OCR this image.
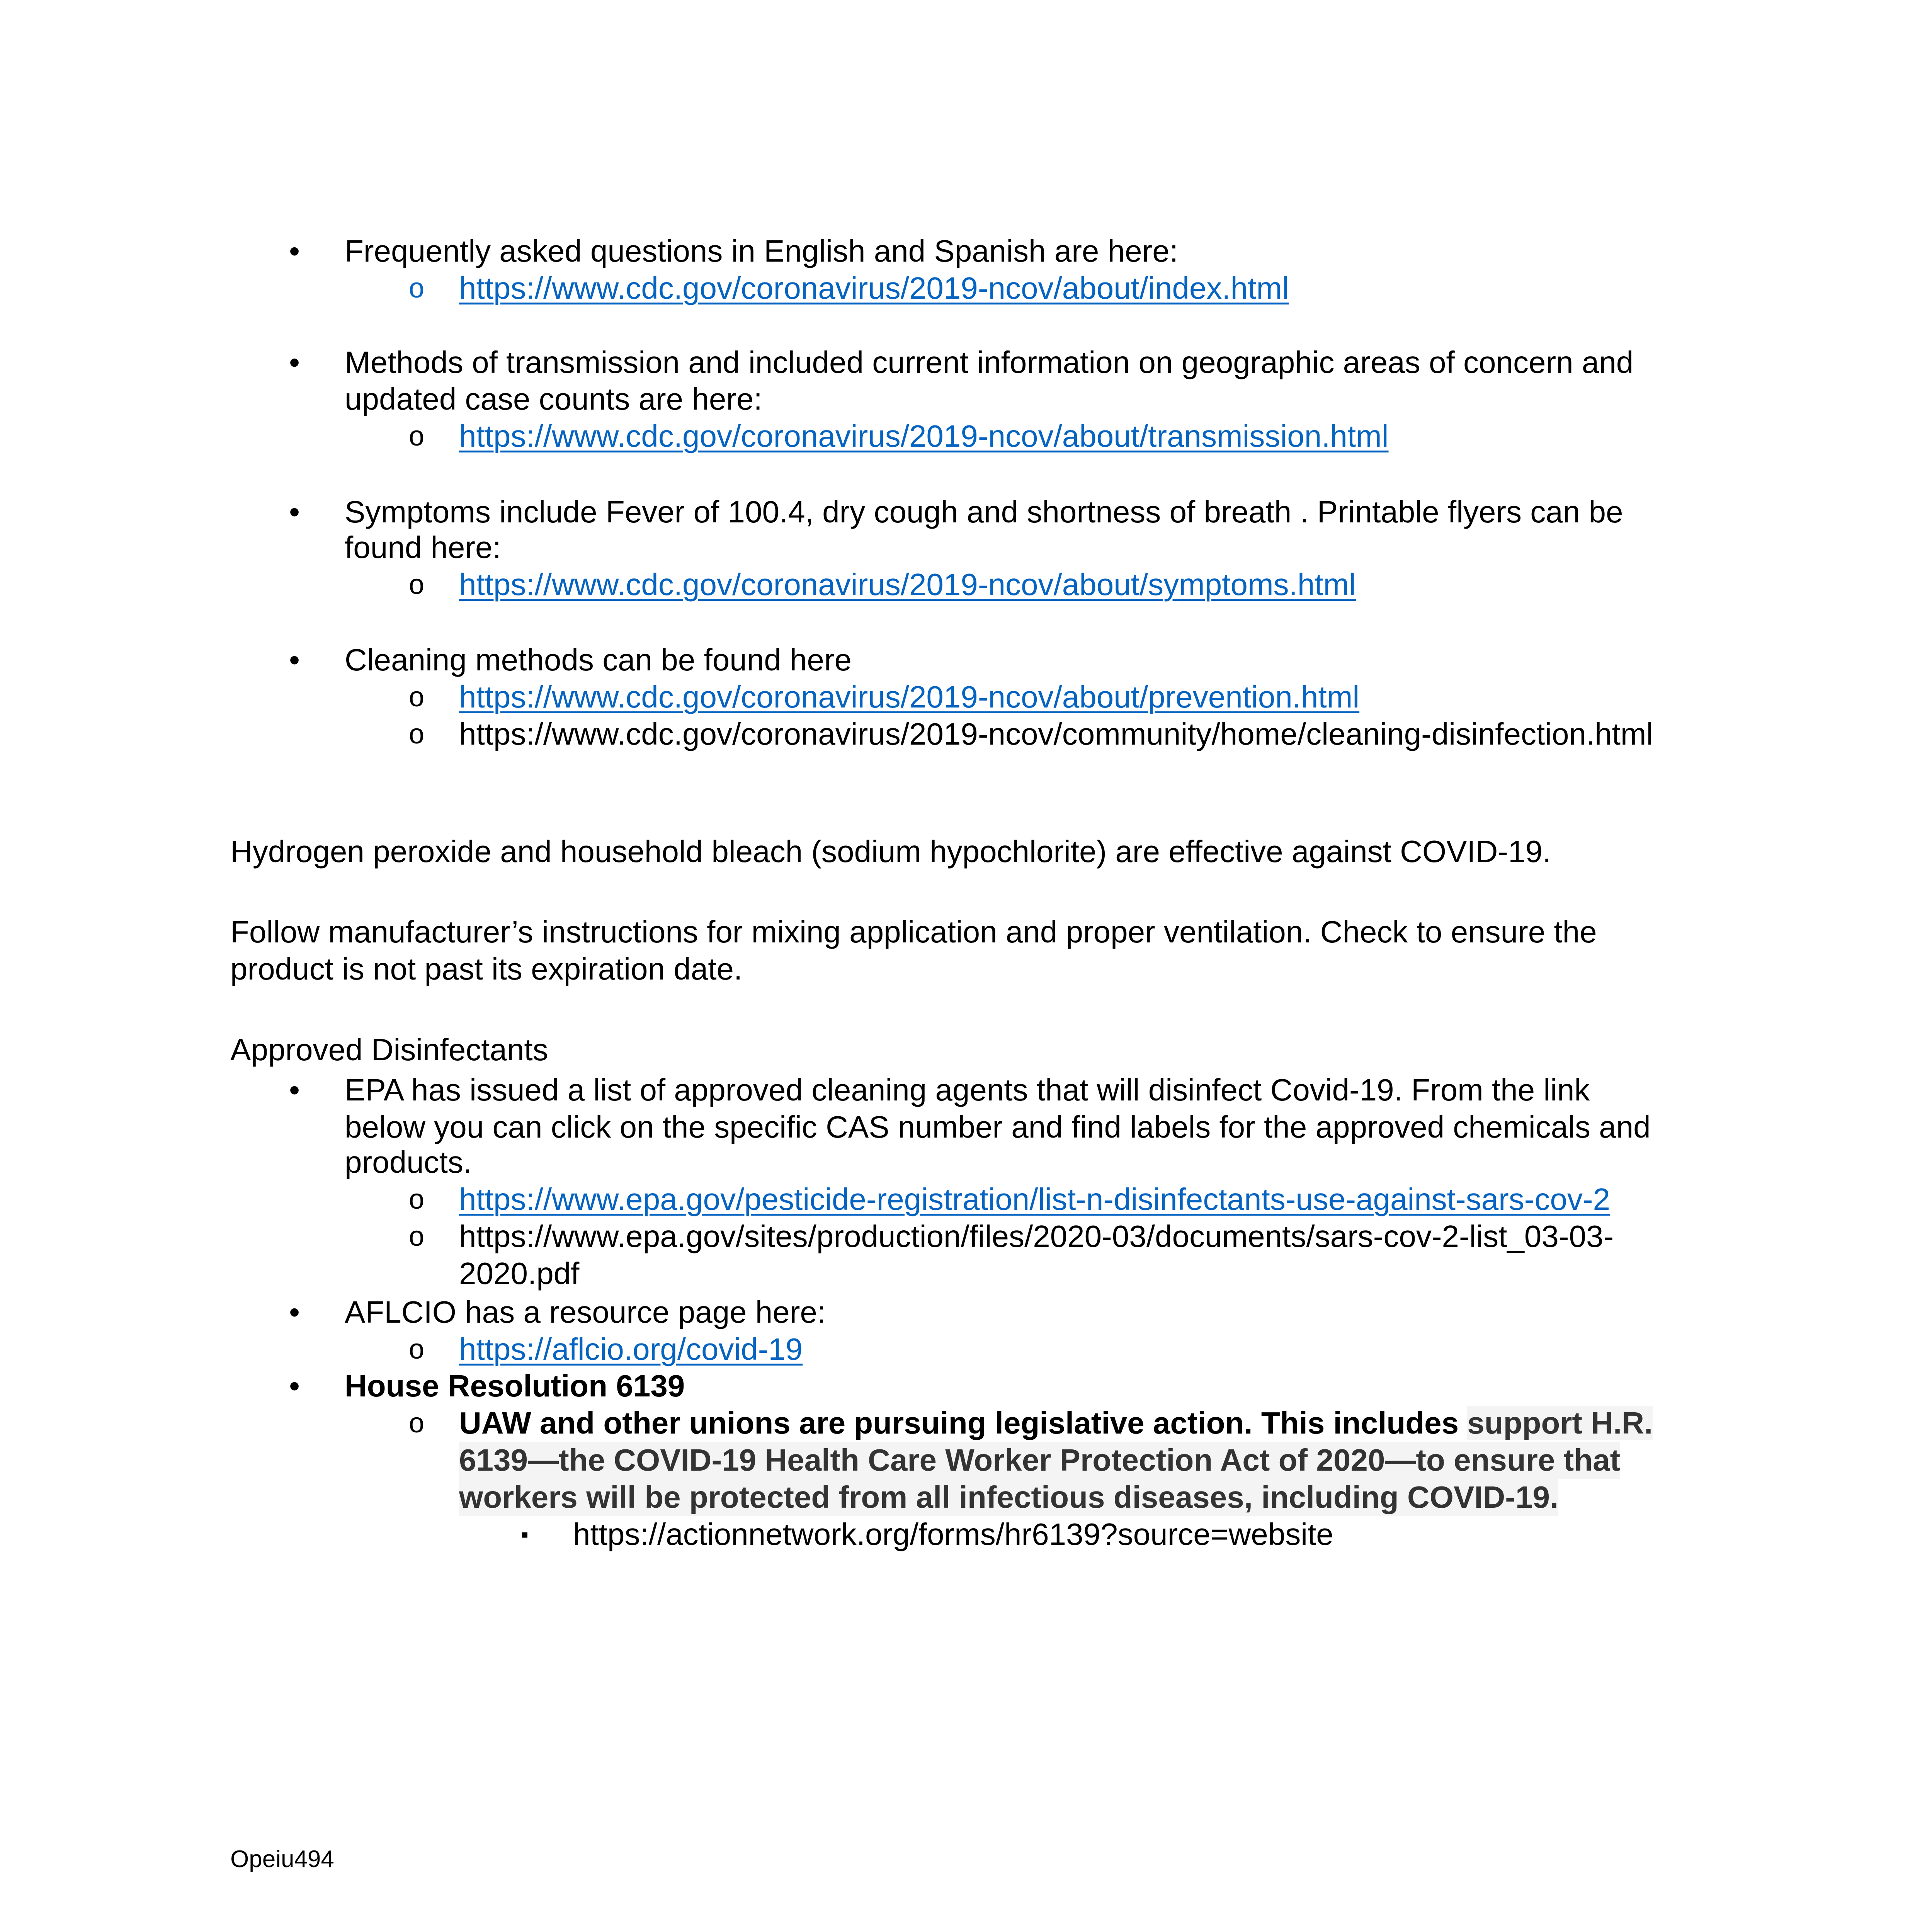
• Frequently asked questions in English and Spanish are here:
o https://www.cdc.gov/coronavirus/2019-ncov/about/index.html
• Methods of transmission and included current information on geographic areas of concern and
updated case counts are here:
o https://www.cdc.gov/coronavirus/2019-ncov/about/transmission.html
• Symptoms include Fever of 100.4, dry cough and shortness of breath . Printable flyers can be
found here:
o https://www.cdc.gov/coronavirus/2019-ncov/about/symptoms.html
• Cleaning methods can be found here
o https://www.cdc.gov/coronavirus/2019-ncov/about/prevention.html
o https://www.cdc.gov/coronavirus/2019-ncov/community/home/cleaning-disinfection.html
Hydrogen peroxide and household bleach (sodium hypochlorite) are effective against COVID-19.
Follow manufacturer’s instructions for mixing application and proper ventilation. Check to ensure the
product is not past its expiration date.
Approved Disinfectants
• EPA has issued a list of approved cleaning agents that will disinfect Covid-19. From the link
below you can click on the specific CAS number and find labels for the approved chemicals and
products.
o https://www.epa.gov/pesticide-registration/list-n-disinfectants-use-against-sars-cov-2
o https://www.epa.gov/sites/production/files/2020-03/documents/sars-cov-2-list_03-03-
2020.pdf
• AFLCIO has a resource page here:
o https://aflcio.org/covid-19
• House Resolution 6139
o UAW and other unions are pursuing legislative action. This includes support H.R.
6139—the COVID-19 Health Care Worker Protection Act of 2020—to ensure that
workers will be protected from all infectious diseases, including COVID-19.
▪ https://actionnetwork.org/forms/hr6139?source=website
Opeiu494
